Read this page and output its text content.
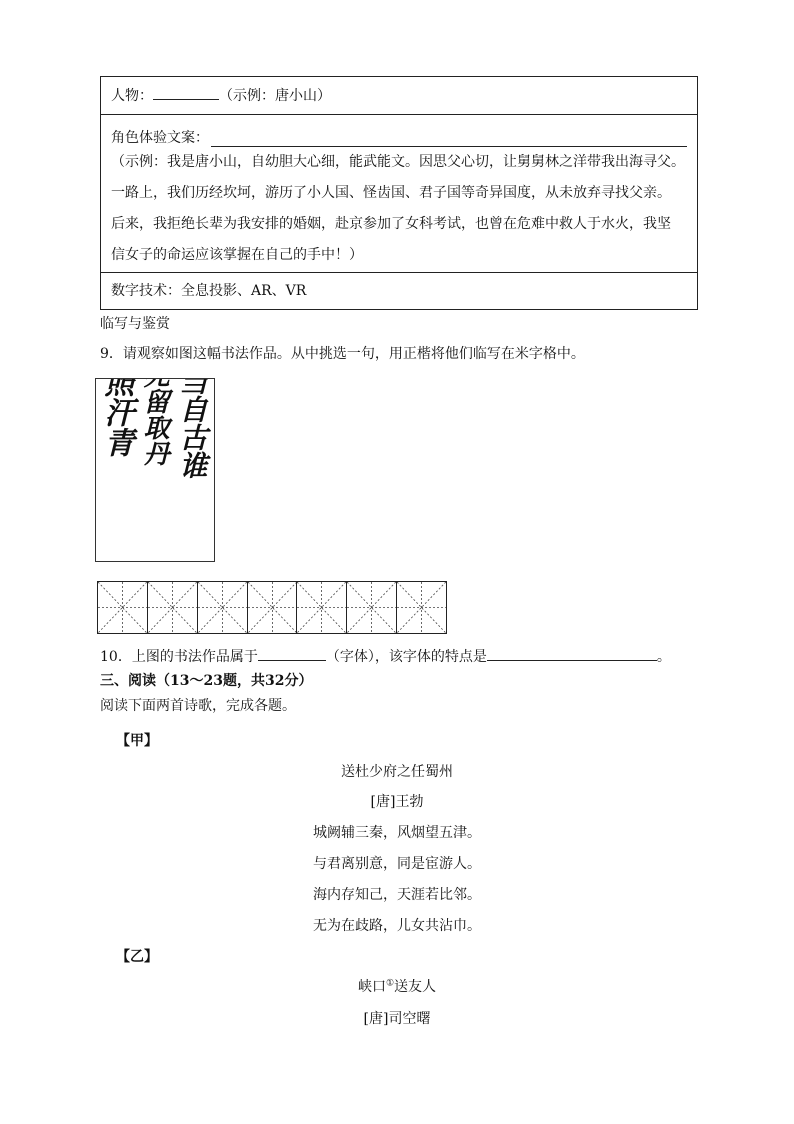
人物：	（示例：唐小山）
角色体验文案：
（示例：我是唐小山，自幼胆大心细，能武能文。因思父心切，让舅舅林之洋带我出海寻父。
一路上，我们历经坎坷，游历了小人国、怪齿国、君子国等奇异国度，从未放弃寻找父亲。
后来，我拒绝长辈为我安排的婚姻，赴京参加了女科考试，也曾在危难中救人于水火，我坚
信女子的命运应该掌握在自己的手中！）
数字技术：全息投影、AR、VR
临写与鉴赏
9．请观察如图这幅书法作品。从中挑选一句，用正楷将他们临写在米字格中。
会当自古谁
呼死留取丹
心照汗青
10．上图的书法作品属于	（字体），该字体的特点是	。
三、阅读（13～23题，共32分）
阅读下面两首诗歌，完成各题。
【甲】
送杜少府之任蜀州
[唐]王勃
城阙辅三秦，风烟望五津。
与君离别意，同是宦游人。
海内存知己，天涯若比邻。
无为在歧路，儿女共沾巾。
【乙】
峡口①送友人
[唐]司空曙
